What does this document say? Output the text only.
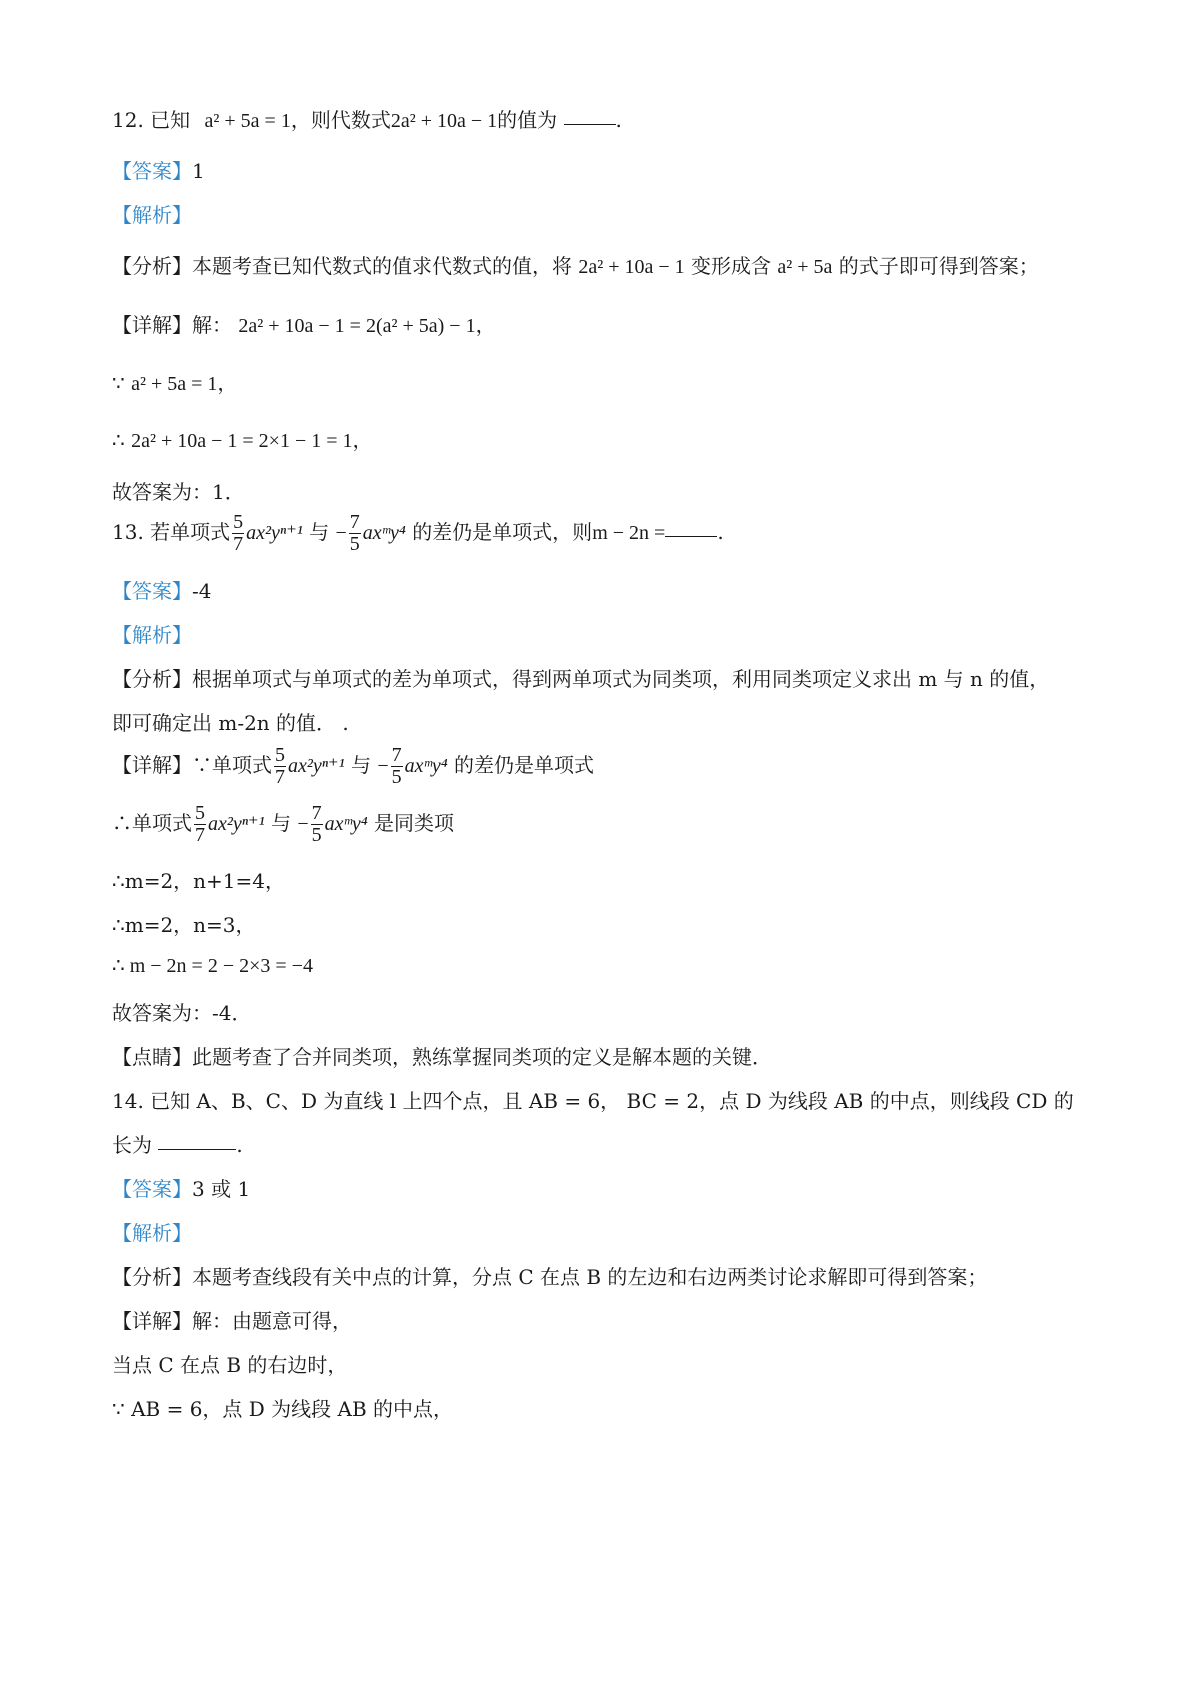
12. 已知 a² + 5a = 1，则代数式2a² + 10a − 1的值为	.
【答案】1
【解析】
【分析】本题考查已知代数式的值求代数式的值，将 2a² + 10a − 1 变形成含 a² + 5a 的式子即可得到答案；
【详解】解： 2a² + 10a − 1 = 2(a² + 5a) − 1，
∵ a² + 5a = 1，
∴ 2a² + 10a − 1 = 2×1 − 1 = 1，
故答案为：1．
13. 若单项式 $\frac{5}{7} ax^2y^{n+1}$ 与 − $\frac{7}{5}$ axᵐy⁴ 的差仍是单项式，则m − 2n =	.
【答案】-4
【解析】
【分析】根据单项式与单项式的差为单项式，得到两单项式为同类项，利用同类项定义求出 m 与 n 的值，
即可确定出 m-2n 的值． .
【详解】∵单项式 $\frac{5}{7} ax^2y^{n+1}$ 与 − $\frac{7}{5}$ axᵐy⁴ 的差仍是单项式
∴单项式 $\frac{5}{7} ax^2y^{n+1}$ 与 − $\frac{7}{5}$ axᵐy⁴ 是同类项
∴m=2，n+1=4，
∴m=2，n=3，
∴ m − 2n = 2 − 2×3 = −4
故答案为：-4．
【点睛】此题考查了合并同类项，熟练掌握同类项的定义是解本题的关键．
14. 已知 A、B、C、D 为直线 l 上四个点，且 AB = 6， BC = 2，点 D 为线段 AB 的中点，则线段 CD 的
长为	.
【答案】3 或 1
【解析】
【分析】本题考查线段有关中点的计算，分点 C 在点 B 的左边和右边两类讨论求解即可得到答案；
【详解】解：由题意可得，
当点 C 在点 B 的右边时，
∵ AB = 6，点 D 为线段 AB 的中点，
